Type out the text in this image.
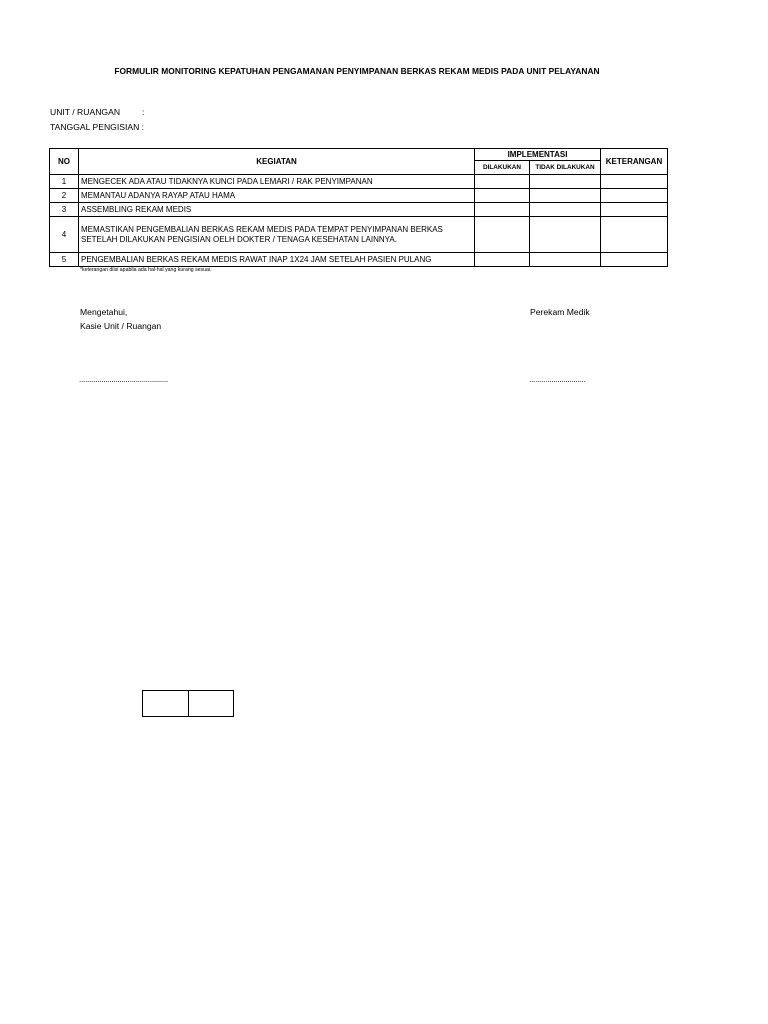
FORMULIR MONITORING KEPATUHAN PENGAMANAN PENYIMPANAN BERKAS REKAM MEDIS PADA UNIT PELAYANAN
UNIT / RUANGAN	:
TANGGAL PENGISIAN :
NO	KEGIATAN	IMPLEMENTASI		KETERANGAN
		DILAKUKAN	TIDAK DILAKUKAN	
1	MENGECEK ADA ATAU TIDAKNYA KUNCI PADA LEMARI / RAK PENYIMPANAN			
2	MEMANTAU ADANYA RAYAP ATAU HAMA			
3	ASSEMBLING REKAM MEDIS			
4	MEMASTIKAN PENGEMBALIAN BERKAS REKAM MEDIS PADA TEMPAT PENYIMPANAN BERKAS SETELAH DILAKUKAN PENGISIAN OELH DOKTER / TENAGA KESEHATAN LAINNYA.			
5	PENGEMBALIAN BERKAS REKAM MEDIS RAWAT INAP 1X24 JAM SETELAH PASIEN PULANG			
*keterangan diisi apabila ada hal-hal yang kurang sesuai.
Mengetahui,
Kasie Unit / Ruangan
Perekam Medik
............................................	............................
